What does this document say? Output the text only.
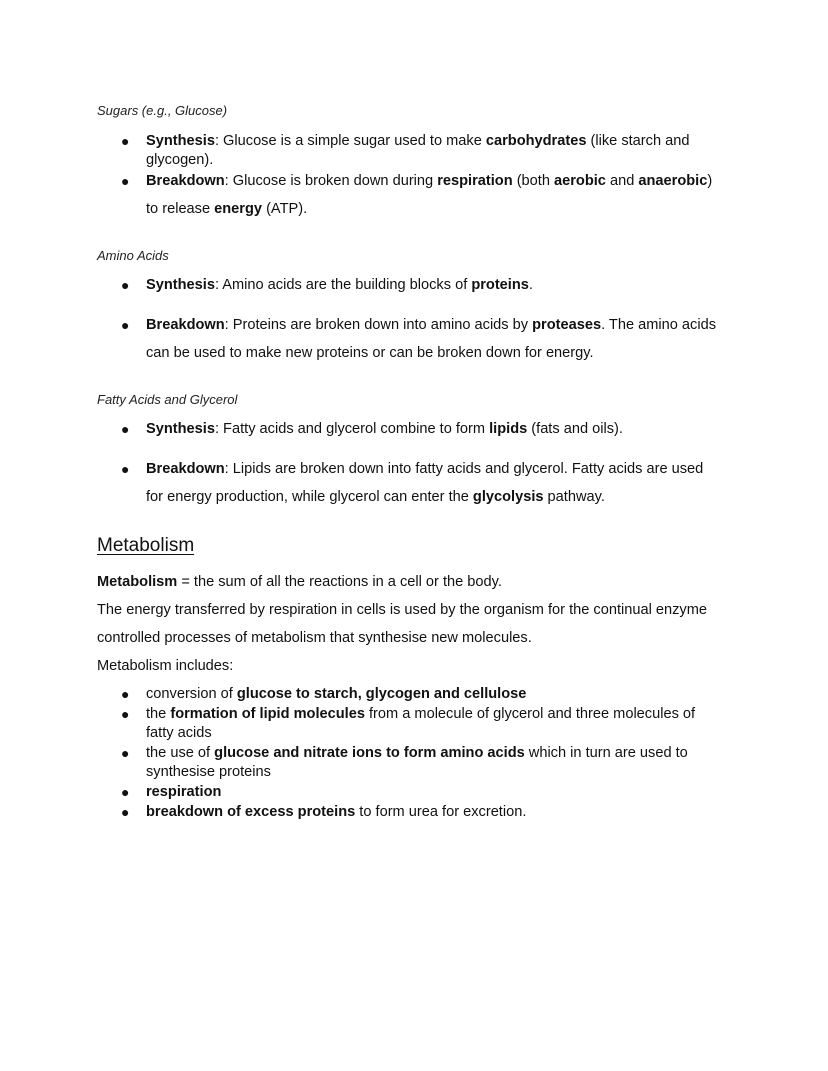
Sugars (e.g., Glucose)
● Synthesis: Glucose is a simple sugar used to make carbohydrates (like starch and
glycogen).
● Breakdown: Glucose is broken down during respiration (both aerobic and anaerobic)
to release energy (ATP).
Amino Acids
● Synthesis: Amino acids are the building blocks of proteins.
● Breakdown: Proteins are broken down into amino acids by proteases. The amino acids
can be used to make new proteins or can be broken down for energy.
Fatty Acids and Glycerol
● Synthesis: Fatty acids and glycerol combine to form lipids (fats and oils).
● Breakdown: Lipids are broken down into fatty acids and glycerol. Fatty acids are used
for energy production, while glycerol can enter the glycolysis pathway.
Metabolism
Metabolism = the sum of all the reactions in a cell or the body.
The energy transferred by respiration in cells is used by the organism for the continual enzyme
controlled processes of metabolism that synthesise new molecules.
Metabolism includes:
● conversion of glucose to starch, glycogen and cellulose
● the formation of lipid molecules from a molecule of glycerol and three molecules of
fatty acids
● the use of glucose and nitrate ions to form amino acids which in turn are used to
synthesise proteins
● respiration
● breakdown of excess proteins to form urea for excretion.
